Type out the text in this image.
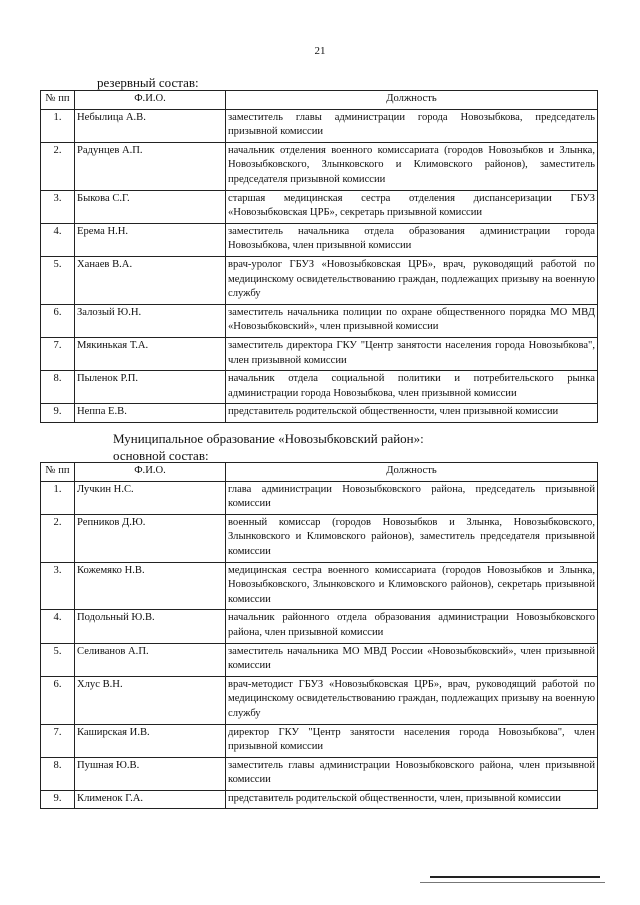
21
резервный состав:
№ пп	Ф.И.О.	Должность
1.	Небылица А.В.	заместитель главы администрации города Новозыбкова, председатель призывной комиссии
2.	Радунцев А.П.	начальник отделения военного комиссариата (городов Новозыбков и Злынка, Новозыбковского, Злынковского и Климовского районов), заместитель председателя призывной комиссии
3.	Быкова С.Г.	старшая медицинская сестра отделения диспансеризации ГБУЗ «Новозыбковская ЦРБ», секретарь призывной комиссии
4.	Ерема Н.Н.	заместитель начальника отдела образования администрации города Новозыбкова, член призывной комиссии
5.	Ханаев В.А.	врач-уролог ГБУЗ «Новозыбковская ЦРБ», врач, руководящий работой по медицинскому освидетельствованию граждан, подлежащих призыву на военную службу
6.	Залозый Ю.Н.	заместитель начальника полиции по охране общественного порядка МО МВД «Новозыбковский», член призывной комиссии
7.	Мякинькая Т.А.	заместитель директора ГКУ "Центр занятости населения города Новозыбкова", член призывной комиссии
8.	Пыленок Р.П.	начальник отдела социальной политики и потребительского рынка администрации города Новозыбкова, член призывной комиссии
9.	Неппа Е.В.	представитель родительской общественности, член призывной комиссии
Муниципальное образование «Новозыбковский район»:
основной состав:
№ пп	Ф.И.О.	Должность
1.	Лучкин Н.С.	глава администрации Новозыбковского района, председатель призывной комиссии
2.	Репников Д.Ю.	военный комиссар (городов Новозыбков и Злынка, Новозыбковского, Злынковского и Климовского районов), заместитель председателя призывной комиссии
3.	Кожемяко Н.В.	медицинская сестра военного комиссариата (городов Новозыбков и Злынка, Новозыбковского, Злынковского и Климовского районов), секретарь призывной комиссии
4.	Подольный Ю.В.	начальник районного отдела образования администрации Новозыбковского района, член призывной комиссии
5.	Селиванов А.П.	заместитель начальника МО МВД России «Новозыбковский», член призывной комиссии
6.	Хлус В.Н.	врач-методист ГБУЗ «Новозыбковская ЦРБ», врач, руководящий работой по медицинскому освидетельствованию граждан, подлежащих призыву на военную службу
7.	Каширская И.В.	директор ГКУ "Центр занятости населения города Новозыбкова", член призывной комиссии
8.	Пушная Ю.В.	заместитель главы администрации Новозыбковского района, член призывной комиссии
9.	Клименок Г.А.	представитель родительской общественности, член, призывной комиссии
